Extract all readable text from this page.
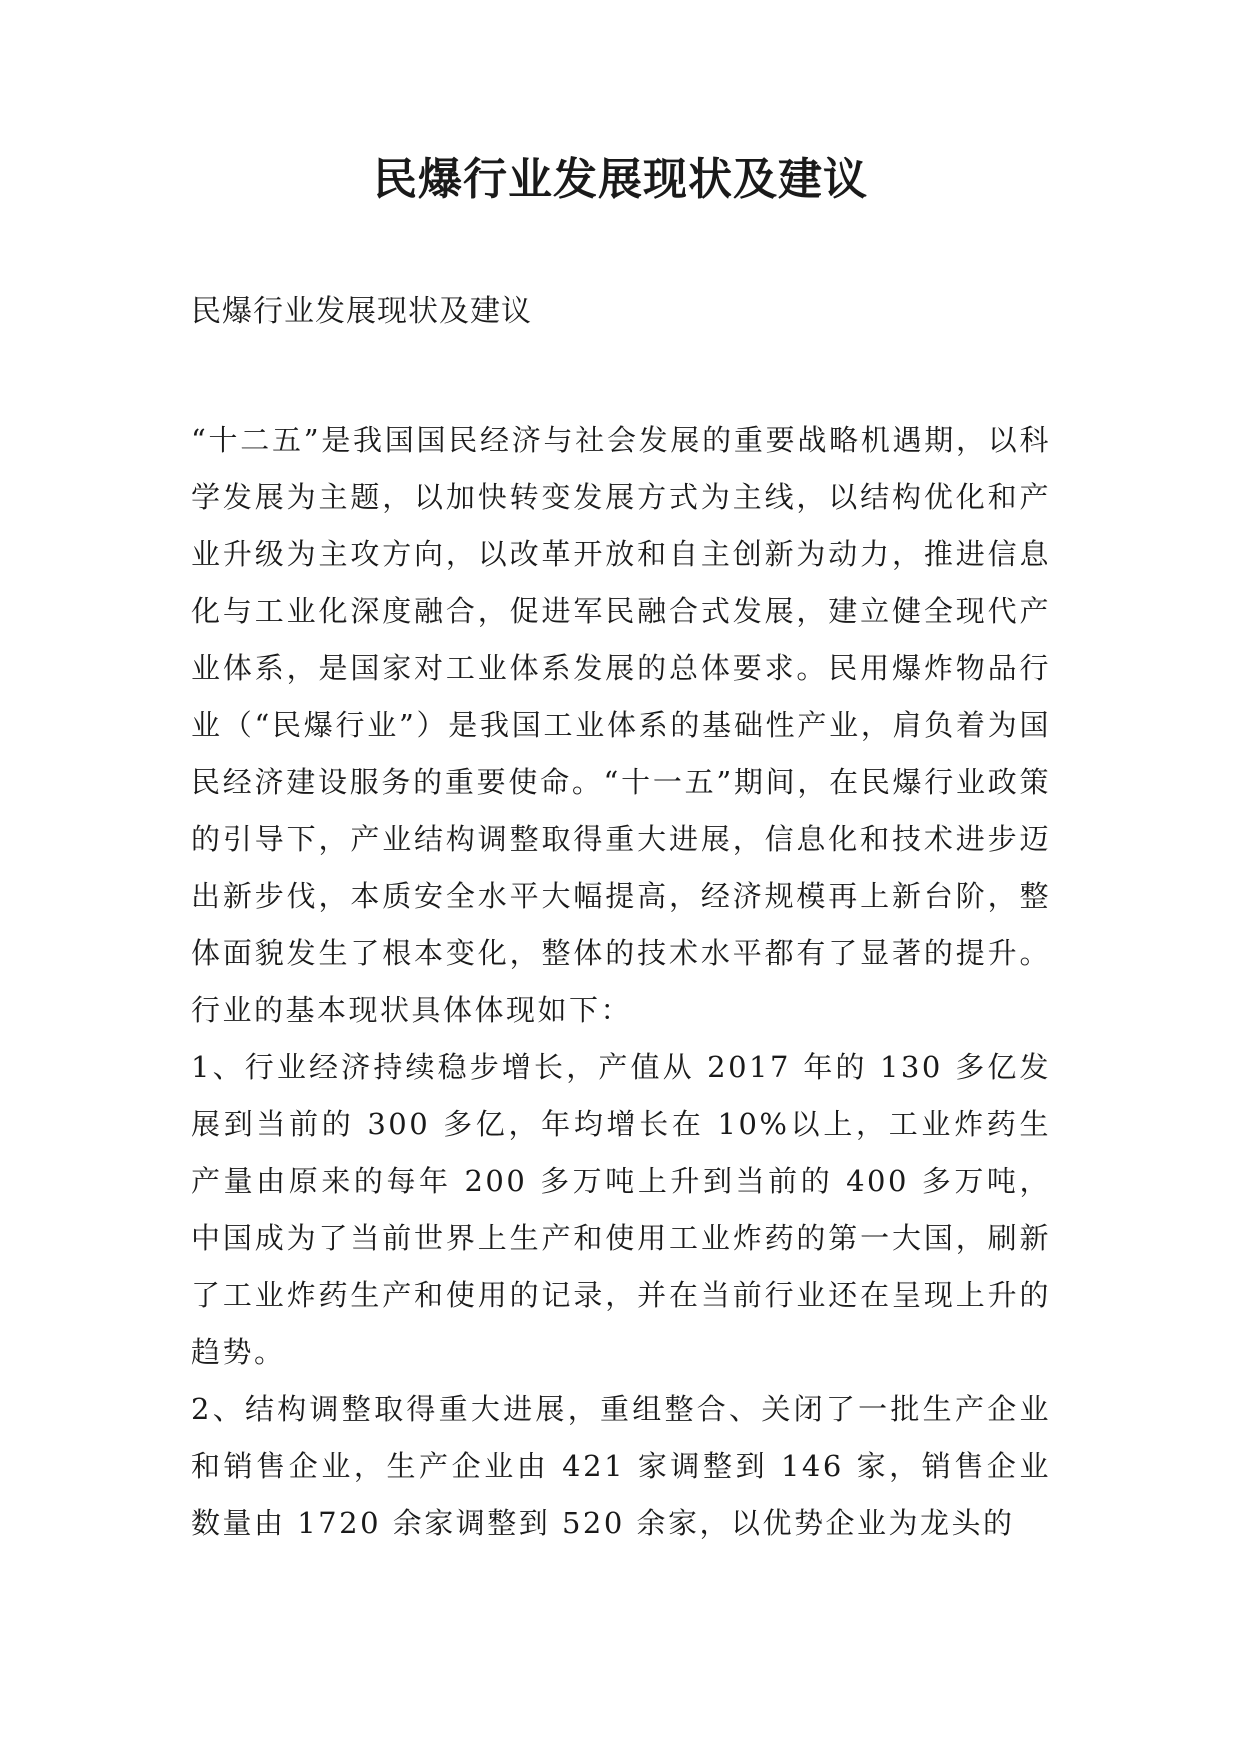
民爆行业发展现状及建议

民爆行业发展现状及建议

“十二五”是我国国民经济与社会发展的重要战略机遇期，以科学发展为主题，以加快转变发展方式为主线，以结构优化和产业升级为主攻方向，以改革开放和自主创新为动力，推进信息化与工业化深度融合，促进军民融合式发展，建立健全现代产业体系，是国家对工业体系发展的总体要求。民用爆炸物品行业（“民爆行业”）是我国工业体系的基础性产业，肩负着为国民经济建设服务的重要使命。“十一五”期间，在民爆行业政策的引导下，产业结构调整取得重大进展，信息化和技术进步迈出新步伐，本质安全水平大幅提高，经济规模再上新台阶，整体面貌发生了根本变化，整体的技术水平都有了显著的提升。行业的基本现状具体体现如下：

1、行业经济持续稳步增长，产值从 2017 年的 130 多亿发展到当前的 300 多亿，年均增长在 10%以上，工业炸药生产量由原来的每年 200 多万吨上升到当前的 400 多万吨，中国成为了当前世界上生产和使用工业炸药的第一大国，刷新了工业炸药生产和使用的记录，并在当前行业还在呈现上升的趋势。

2、结构调整取得重大进展，重组整合、关闭了一批生产企业和销售企业，生产企业由 421 家调整到 146 家，销售企业数量由 1720 余家调整到 520 余家，以优势企业为龙头的
